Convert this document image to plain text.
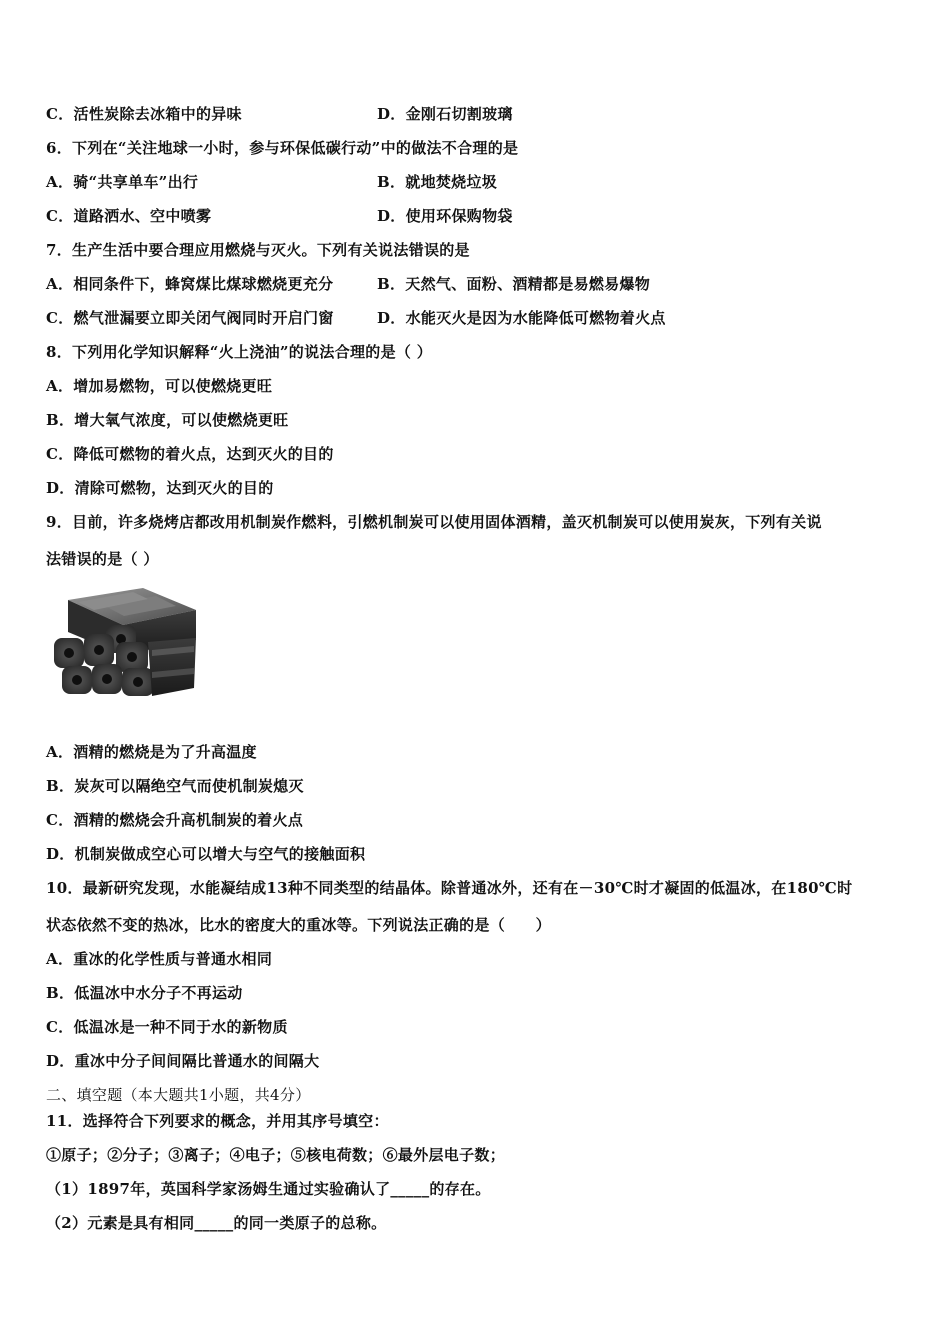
C．活性炭除去冰箱中的异味	D．金刚石切割玻璃
6．下列在“关注地球一小时，参与环保低碳行动”中的做法不合理的是
A．骑“共享单车”出行	B．就地焚烧垃圾
C．道路洒水、空中喷雾	D．使用环保购物袋
7．生产生活中要合理应用燃烧与灭火。下列有关说法错误的是
A．相同条件下，蜂窝煤比煤球燃烧更充分	B．天然气、面粉、酒精都是易燃易爆物
C．燃气泄漏要立即关闭气阀同时开启门窗	D．水能灭火是因为水能降低可燃物着火点
8．下列用化学知识解释“火上浇油”的说法合理的是（ ）
A．增加易燃物，可以使燃烧更旺
B．增大氧气浓度，可以使燃烧更旺
C．降低可燃物的着火点，达到灭火的目的
D．清除可燃物，达到灭火的目的
9．目前，许多烧烤店都改用机制炭作燃料，引燃机制炭可以使用固体酒精，盖灭机制炭可以使用炭灰，下列有关说
法错误的是（ ）
A．酒精的燃烧是为了升高温度
B．炭灰可以隔绝空气而使机制炭熄灭
C．酒精的燃烧会升高机制炭的着火点
D．机制炭做成空心可以增大与空气的接触面积
10．最新研究发现，水能凝结成13种不同类型的结晶体。除普通冰外，还有在－30℃时才凝固的低温冰，在180℃时
状态依然不变的热冰，比水的密度大的重冰等。下列说法正确的是（　　）
A．重冰的化学性质与普通水相同
B．低温冰中水分子不再运动
C．低温冰是一种不同于水的新物质
D．重冰中分子间间隔比普通水的间隔大
二、填空题（本大题共1小题，共4分）
11．选择符合下列要求的概念，并用其序号填空：
①原子；②分子；③离子；④电子；⑤核电荷数；⑥最外层电子数；
（1）1897年，英国科学家汤姆生通过实验确认了_____的存在。
（2）元素是具有相同_____的同一类原子的总称。
